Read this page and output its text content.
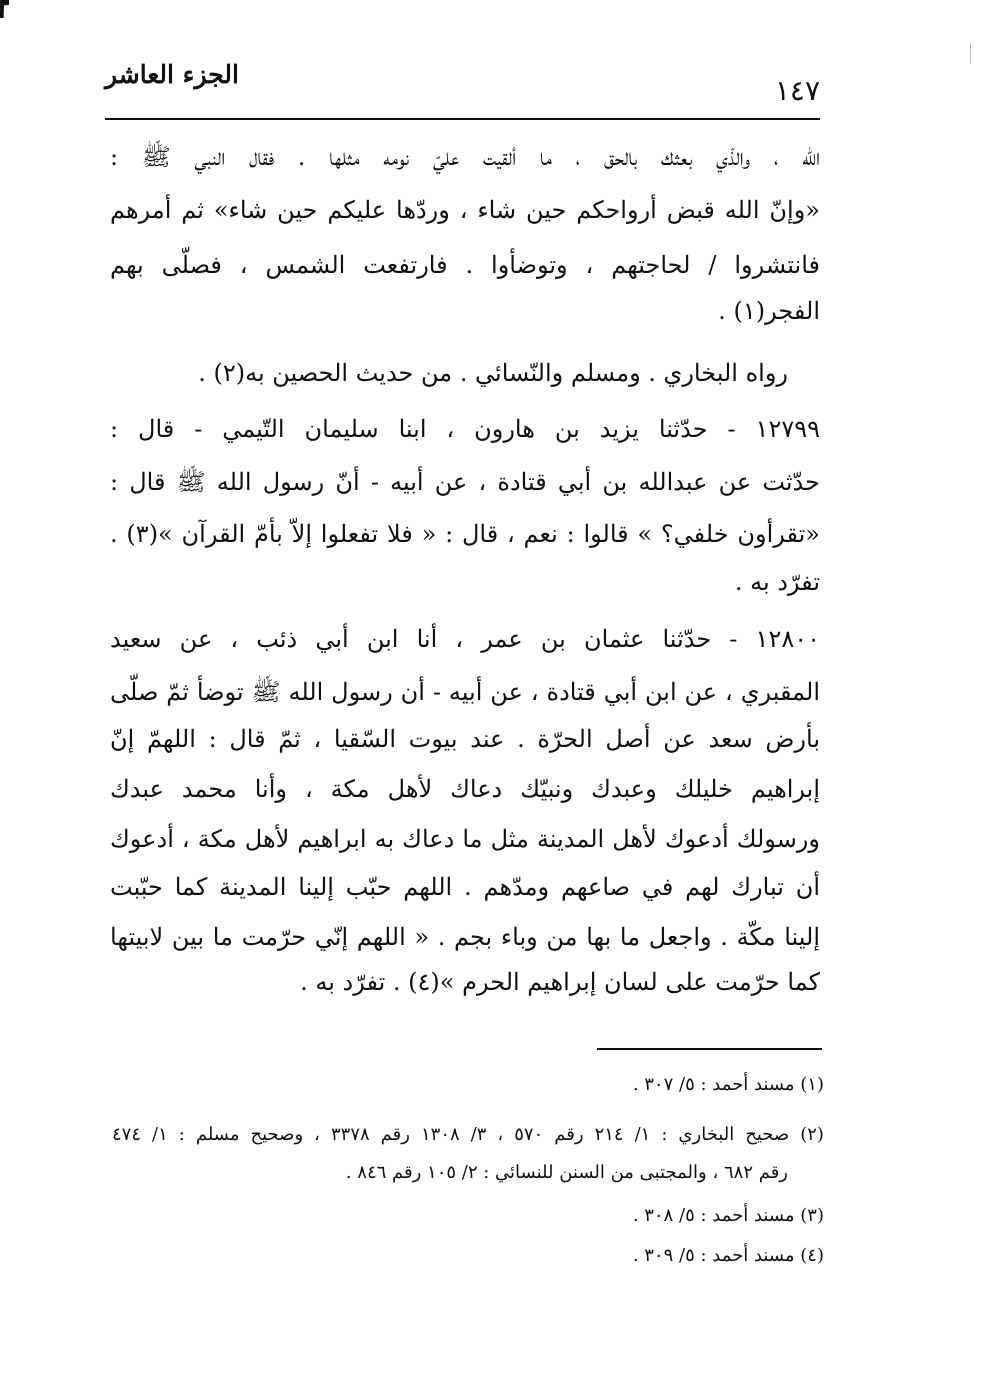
الجزء العاشر	١٤٧
الله ، والذّي بعثك بالحق ، ما ألقيت عليّ نومه مثلها . فقال النبي ﷺ :
«وإنّ الله قبض أرواحكم حين شاء ، وردّها عليكم حين شاء» ثم أمرهم
فانتشروا / لحاجتهم ، وتوضأوا . فارتفعت الشمس ، فصلّى بهم
الفجر(١) .
رواه البخاري . ومسلم والنّسائي . من حديث الحصين به(٢) .
١٢٧٩٩ - حدّثنا يزيد بن هارون ، ابنا سليمان التّيمي - قال :
حدّثت عن عبدالله بن أبي قتادة ، عن أبيه - أنّ رسول الله ﷺ قال :
«تقرأون خلفي؟ » قالوا : نعم ، قال : « فلا تفعلوا إلاّ بأمّ القرآن »(٣) .
تفرّد به .
١٢٨٠٠ - حدّثنا عثمان بن عمر ، أنا ابن أبي ذئب ، عن سعيد
المقبري ، عن ابن أبي قتادة ، عن أبيه - أن رسول الله ﷺ توضأ ثمّ صلّى
بأرض سعد عن أصل الحرّة . عند بيوت السّقيا ، ثمّ قال : اللهمّ إنّ
إبراهيم خليلك وعبدك ونبيّك دعاك لأهل مكة ، وأنا محمد عبدك
ورسولك أدعوك لأهل المدينة مثل ما دعاك به ابراهيم لأهل مكة ، أدعوك
أن تبارك لهم في صاعهم ومدّهم . اللهم حبّب إلينا المدينة كما حبّبت
إلينا مكّة . واجعل ما بها من وباء بجم . « اللهم إنّي حرّمت ما بين لابيتها
كما حرّمت على لسان إبراهيم الحرم »(٤) . تفرّد به .
(١) مسند أحمد : ٥/ ٣٠٧ .
(٢) صحيح البخاري : ١/ ٢١٤ رقم ٥٧٠ ، ٣/ ١٣٠٨ رقم ٣٣٧٨ ، وصحيح مسلم : ١/ ٤٧٤
رقم ٦٨٢ ، والمجتبى من السنن للنسائي : ٢/ ١٠٥ رقم ٨٤٦ .
(٣) مسند أحمد : ٥/ ٣٠٨ .
(٤) مسند أحمد : ٥/ ٣٠٩ .
